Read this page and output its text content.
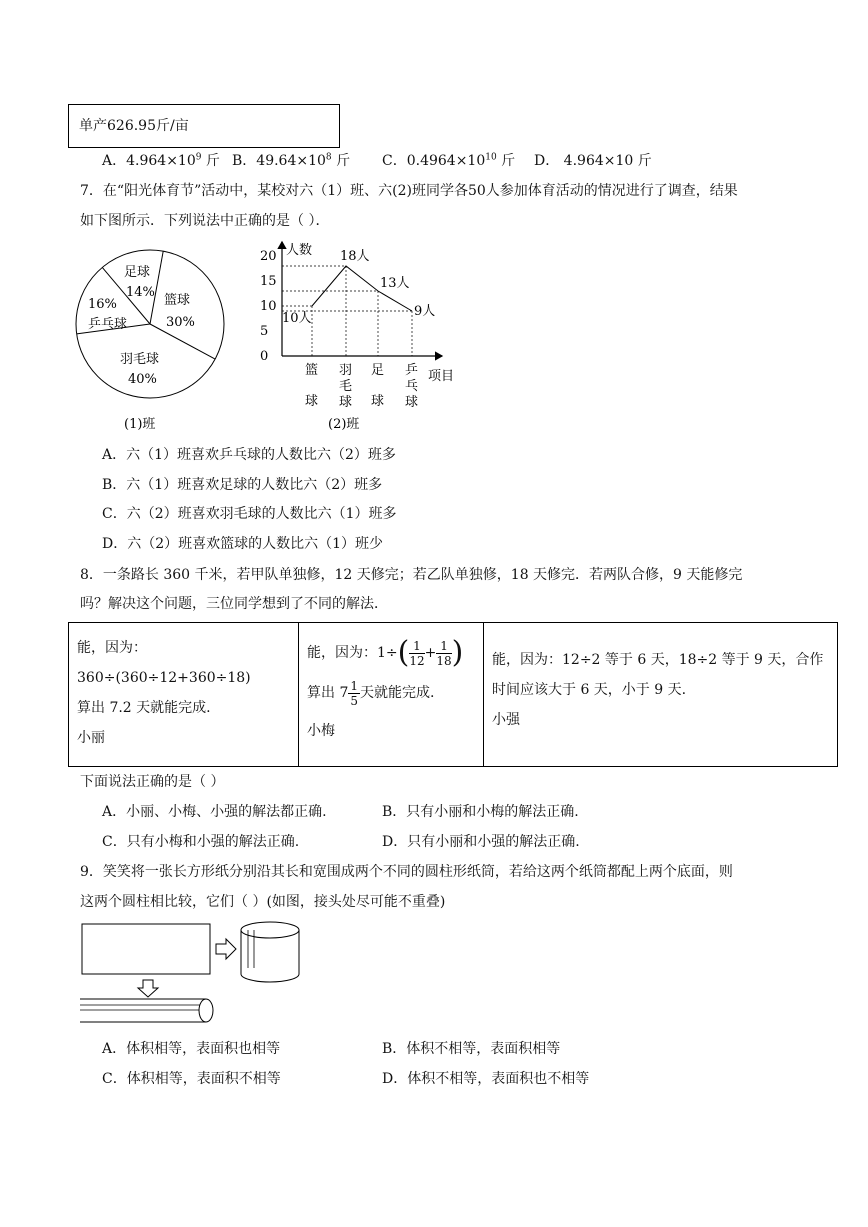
单产626.95斤/亩
A．$4.964\times 10^9$ 斤 B．$49.64\times 10^8$ 斤 C．$0.4964\times 10^{10}$ 斤 D． 4.964×10 斤
7．在“阳光体育节”活动中，某校对六（1）班、六(2)班同学各50人参加体育活动的情况进行了调查，结果
如下图所示．下列说法中正确的是（ ）．
篮球
30%
羽毛球
40%
16%
乒乓球
足球
14%
(1)班
人数
项目
0
5
10
15
20
10人
18人
13人
9人
篮球
羽毛球
足球
乒乓球
(2)班
A．六（1）班喜欢乒乓球的人数比六（2）班多
B．六（1）班喜欢足球的人数比六（2）班多
C．六（2）班喜欢羽毛球的人数比六（1）班多
D．六（2）班喜欢篮球的人数比六（1）班少
8．一条路长 360 千米，若甲队单独修，12 天修完；若乙队单独修，18 天修完．若两队合修，9 天能修完
吗？解决这个问题，三位同学想到了不同的解法．
能，因为：
360÷(360÷12+360÷18)
算出 7.2 天就能完成.
小丽

能，因为：$1\div( \frac{1}{12} + \frac{1}{18}$ )
算出 $7 \frac{1}{5}$ 天就能完成.
小梅

能，因为：12÷2 等于 6 天，18÷2 等于 9 天，合作
时间应该大于 6 天，小于 9 天.
小强
下面说法正确的是（ ）
A．小丽、小梅、小强的解法都正确.	B．只有小丽和小梅的解法正确.
C．只有小梅和小强的解法正确.	D．只有小丽和小强的解法正确.
9．笑笑将一张长方形纸分别沿其长和宽围成两个不同的圆柱形纸筒，若给这两个纸筒都配上两个底面，则
这两个圆柱相比较，它们（ ）(如图，接头处尽可能不重叠)
A．体积相等，表面积也相等	B．体积不相等，表面积相等
C．体积相等，表面积不相等	D．体积不相等，表面积也不相等
